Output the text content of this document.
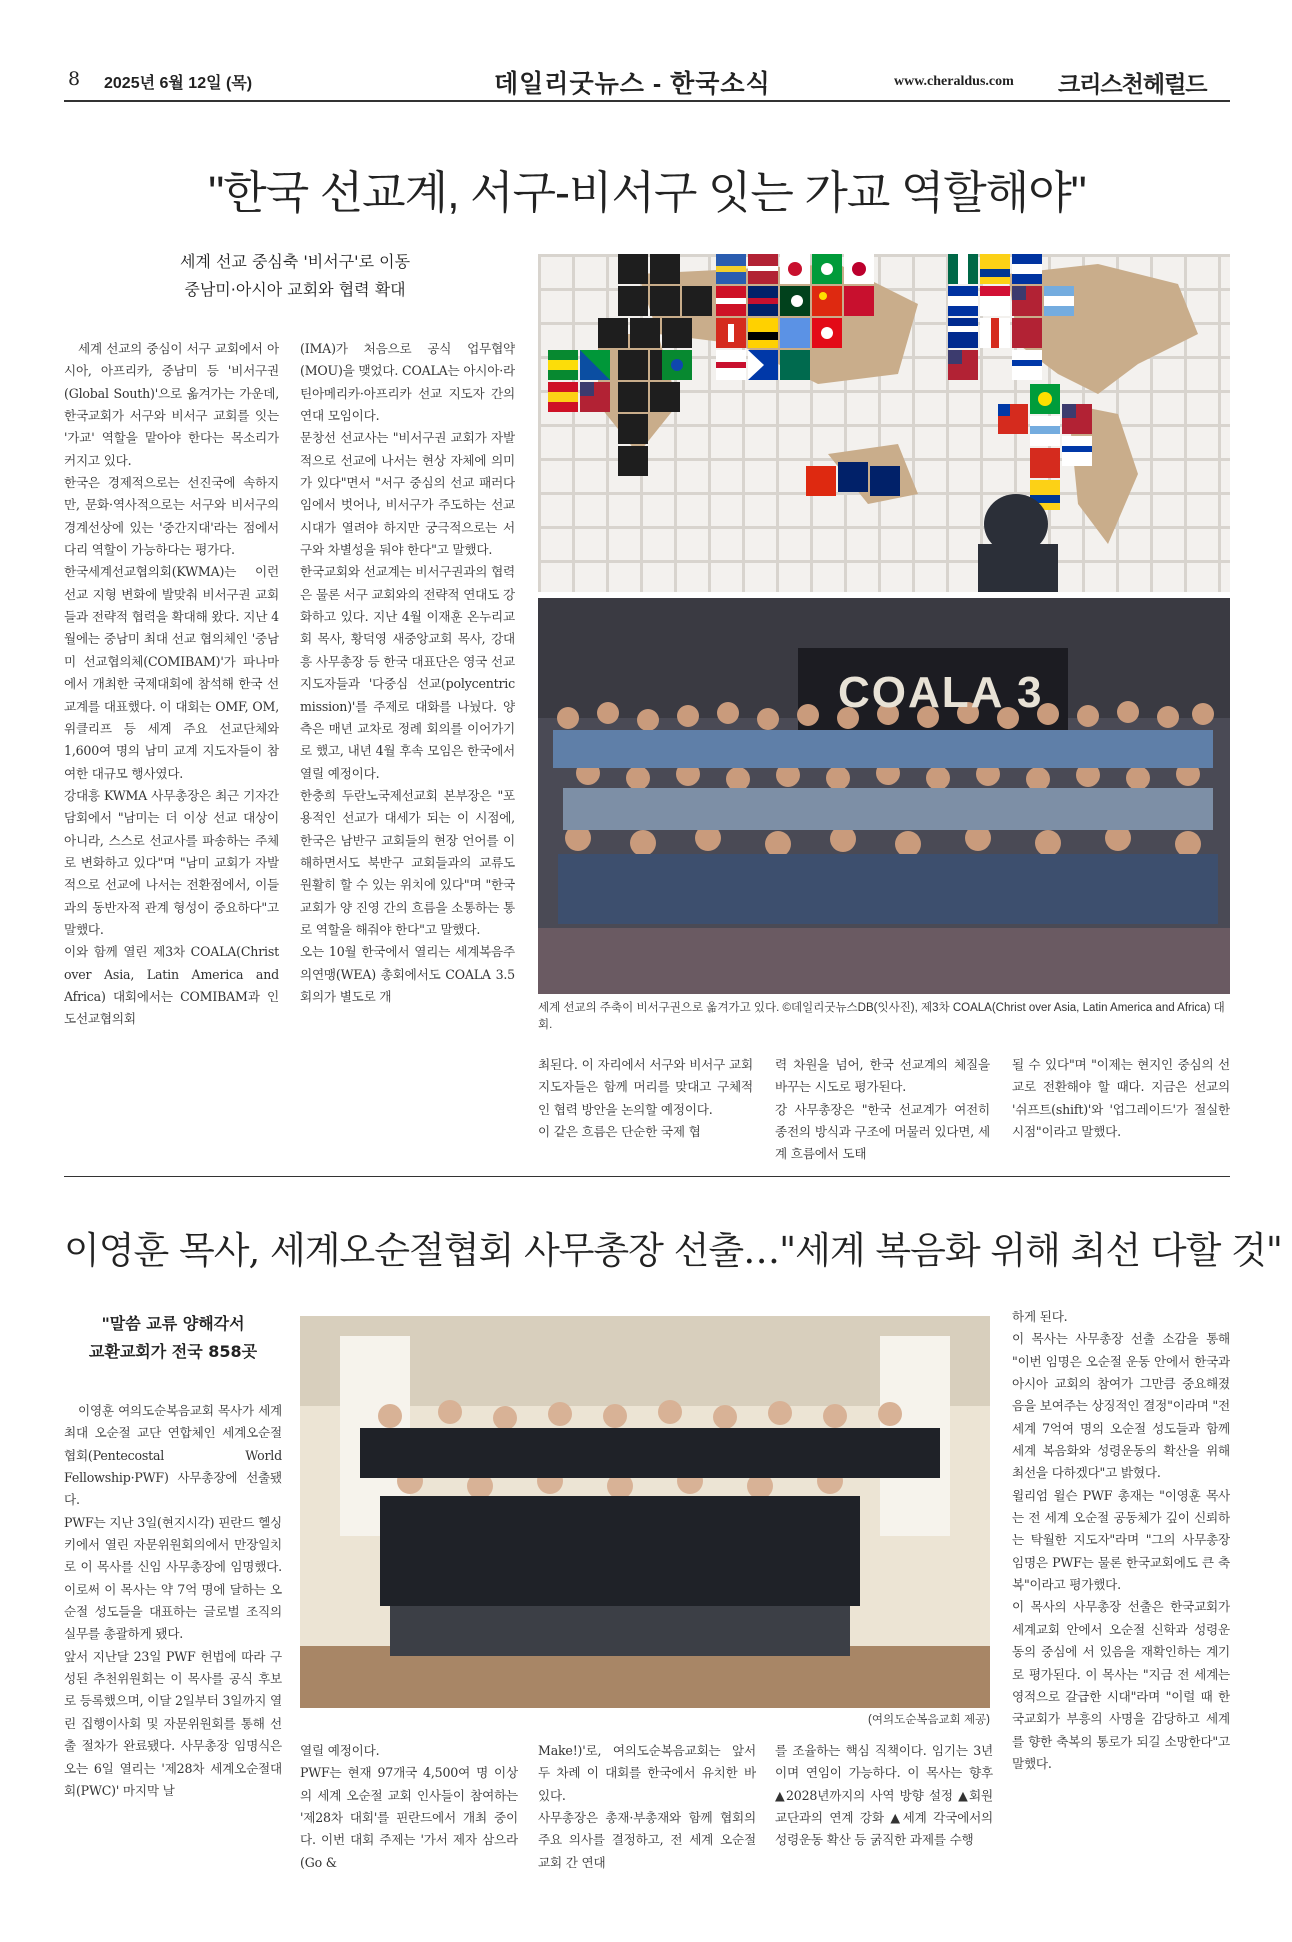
8 2025년 6월 12일 (목)	데일리굿뉴스 - 한국소식	www.cheraldus.com 크리스천헤럴드
"한국 선교계, 서구-비서구 잇는 가교 역할해야"
세계 선교 중심축 '비서구'로 이동
중남미·아시아 교회와 협력 확대
세계 선교의 중심이 서구 교회에서 아시아, 아프리카, 중남미 등 '비서구권(Global South)'으로 옮겨가는 가운데, 한국교회가 서구와 비서구 교회를 잇는 '가교' 역할을 맡아야 한다는 목소리가 커지고 있다.
한국은 경제적으로는 선진국에 속하지만, 문화·역사적으로는 서구와 비서구의 경계선상에 있는 '중간지대'라는 점에서 다리 역할이 가능하다는 평가다.
한국세계선교협의회(KWMA)는 이런 선교 지형 변화에 발맞춰 비서구권 교회들과 전략적 협력을 확대해 왔다. 지난 4월에는 중남미 최대 선교 협의체인 '중남미 선교협의체(COMIBAM)'가 파나마에서 개최한 국제대회에 참석해 한국 선교계를 대표했다. 이 대회는 OMF, OM, 위클리프 등 세계 주요 선교단체와 1,600여 명의 남미 교계 지도자들이 참여한 대규모 행사였다.
강대흥 KWMA 사무총장은 최근 기자간담회에서 "남미는 더 이상 선교 대상이 아니라, 스스로 선교사를 파송하는 주체로 변화하고 있다"며 "남미 교회가 자발적으로 선교에 나서는 전환점에서, 이들과의 동반자적 관계 형성이 중요하다"고 말했다.
이와 함께 열린 제3차 COALA(Christ over Asia, Latin America and Africa) 대회에서는 COMIBAM과 인도선교협의회
(IMA)가 처음으로 공식 업무협약(MOU)을 맺었다. COALA는 아시아·라틴아메리카·아프리카 선교 지도자 간의 연대 모임이다.
문창선 선교사는 "비서구권 교회가 자발적으로 선교에 나서는 현상 자체에 의미가 있다"면서 "서구 중심의 선교 패러다임에서 벗어나, 비서구가 주도하는 선교 시대가 열려야 하지만 궁극적으로는 서구와 차별성을 둬야 한다"고 말했다.
한국교회와 선교계는 비서구권과의 협력은 물론 서구 교회와의 전략적 연대도 강화하고 있다. 지난 4월 이재훈 온누리교회 목사, 황덕영 새중앙교회 목사, 강대흥 사무총장 등 한국 대표단은 영국 선교 지도자들과 '다중심 선교(polycentric mission)'를 주제로 대화를 나눴다. 양측은 매년 교차로 정례 회의를 이어가기로 했고, 내년 4월 후속 모임은 한국에서 열릴 예정이다.
한충희 두란노국제선교회 본부장은 "포용적인 선교가 대세가 되는 이 시점에, 한국은 남반구 교회들의 현장 언어를 이해하면서도 북반구 교회들과의 교류도 원활히 할 수 있는 위치에 있다"며 "한국교회가 양 진영 간의 흐름을 소통하는 통로 역할을 해줘야 한다"고 말했다.
오는 10월 한국에서 열리는 세계복음주의연맹(WEA) 총회에서도 COALA 3.5 회의가 별도로 개
최된다. 이 자리에서 서구와 비서구 교회 지도자들은 함께 머리를 맞대고 구체적인 협력 방안을 논의할 예정이다.
이 같은 흐름은 단순한 국제 협
력 차원을 넘어, 한국 선교계의 체질을 바꾸는 시도로 평가된다.
강 사무총장은 "한국 선교계가 여전히 종전의 방식과 구조에 머물러 있다면, 세계 흐름에서 도태
될 수 있다"며 "이제는 현지인 중심의 선교로 전환해야 할 때다. 지금은 선교의 '쉬프트(shift)'와 '업그레이드'가 절실한 시점"이라고 말했다.
COALA 3
세계 선교의 주축이 비서구권으로 옮겨가고 있다. ©데일리굿뉴스DB(잇사진), 제3차 COALA(Christ over Asia, Latin America and Africa) 대회.
이영훈 목사, 세계오순절협회 사무총장 선출…"세계 복음화 위해 최선 다할 것"
"말씀 교류 양해각서
교환교회가 전국 858곳
(여의도순복음교회 제공)
이영훈 여의도순복음교회 목사가 세계 최대 오순절 교단 연합체인 세계오순절협회(Pentecostal World Fellowship·PWF) 사무총장에 선출됐다.
PWF는 지난 3일(현지시각) 핀란드 헬싱키에서 열린 자문위원회의에서 만장일치로 이 목사를 신임 사무총장에 임명했다. 이로써 이 목사는 약 7억 명에 달하는 오순절 성도들을 대표하는 글로벌 조직의 실무를 총괄하게 됐다.
앞서 지난달 23일 PWF 헌법에 따라 구성된 추천위원회는 이 목사를 공식 후보로 등록했으며, 이달 2일부터 3일까지 열린 집행이사회 및 자문위원회를 통해 선출 절차가 완료됐다. 사무총장 임명식은 오는 6일 열리는 '제28차 세계오순절대회(PWC)' 마지막 날
열릴 예정이다.
PWF는 현재 97개국 4,500여 명 이상의 세계 오순절 교회 인사들이 참여하는 '제28차 대회'를 핀란드에서 개최 중이다. 이번 대회 주제는 '가서 제자 삼으라(Go &
Make!)'로, 여의도순복음교회는 앞서 두 차례 이 대회를 한국에서 유치한 바 있다.
사무총장은 총재·부총재와 함께 협회의 주요 의사를 결정하고, 전 세계 오순절 교회 간 연대
를 조율하는 핵심 직책이다. 임기는 3년이며 연임이 가능하다. 이 목사는 향후 ▲2028년까지의 사역 방향 설정 ▲회원 교단과의 연계 강화 ▲세계 각국에서의 성령운동 확산 등 굵직한 과제를 수행
하게 된다.
이 목사는 사무총장 선출 소감을 통해 "이번 임명은 오순절 운동 안에서 한국과 아시아 교회의 참여가 그만큼 중요해졌음을 보여주는 상징적인 결정"이라며 "전 세계 7억여 명의 오순절 성도들과 함께 세계 복음화와 성령운동의 확산을 위해 최선을 다하겠다"고 밝혔다.
윌리엄 윌슨 PWF 총재는 "이영훈 목사는 전 세계 오순절 공동체가 깊이 신뢰하는 탁월한 지도자"라며 "그의 사무총장 임명은 PWF는 물론 한국교회에도 큰 축복"이라고 평가했다.
이 목사의 사무총장 선출은 한국교회가 세계교회 안에서 오순절 신학과 성령운동의 중심에 서 있음을 재확인하는 계기로 평가된다. 이 목사는 "지금 전 세계는 영적으로 갈급한 시대"라며 "이럴 때 한국교회가 부흥의 사명을 감당하고 세계를 향한 축복의 통로가 되길 소망한다"고 말했다.
